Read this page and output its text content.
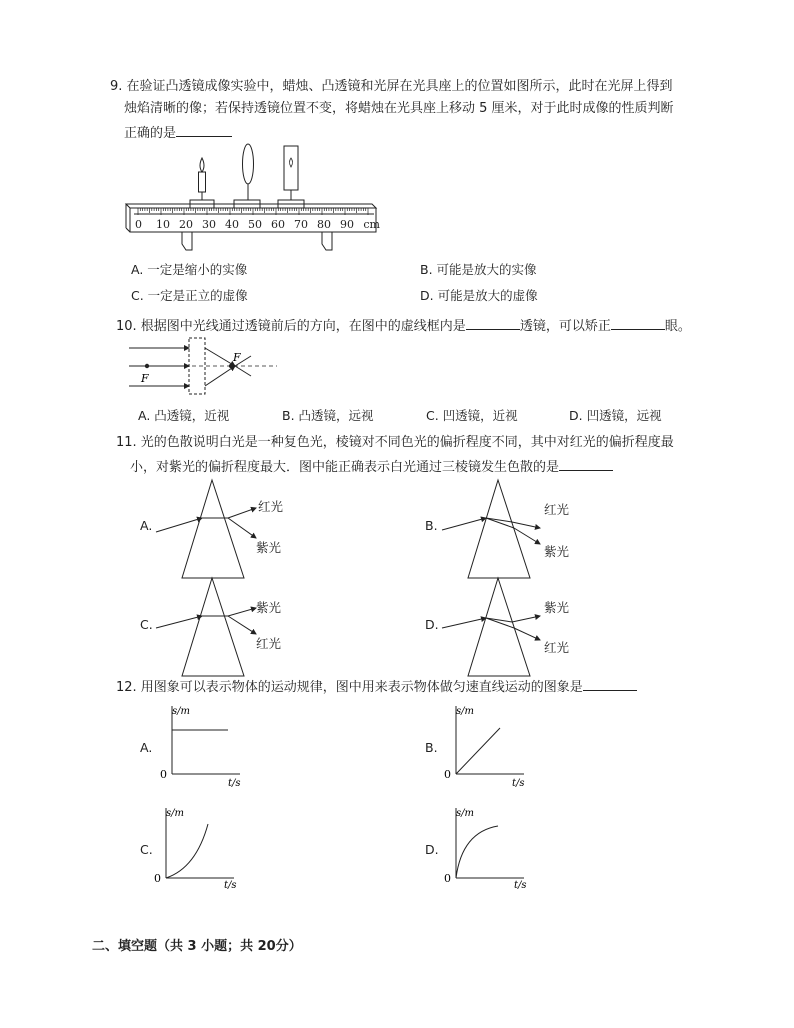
9. 在验证凸透镜成像实验中，蜡烛、凸透镜和光屏在光具座上的位置如图所示，此时在光屏上得到
烛焰清晰的像；若保持透镜位置不变，将蜡烛在光具座上移动 5 厘米，对于此时成像的性质判断
正确的是
0 10 20 30 40 50 60 70 80 90 cm
A. 一定是缩小的实像	B. 可能是放大的实像
C. 一定是正立的虚像	D. 可能是放大的虚像
10. 根据图中光线通过透镜前后的方向，在图中的虚线框内是	透镜，可以矫正	眼。
F
F
A. 凸透镜，近视	B. 凸透镜，远视	C. 凹透镜，近视	D. 凹透镜，远视
11. 光的色散说明白光是一种复色光，棱镜对不同色光的偏折程度不同，其中对红光的偏折程度最
小，对紫光的偏折程度最大．图中能正确表示白光通过三棱镜发生色散的是
A.
红光
紫光
B.
红光
紫光
C.
紫光
红光
D.
紫光
红光
12. 用图象可以表示物体的运动规律，图中用来表示物体做匀速直线运动的图象是
A.
s/m
t/s
0
B.
s/m
t/s
0
C.
s/m
t/s
0
D.
s/m
t/s
0
二、填空题（共 3 小题；共 20分）
